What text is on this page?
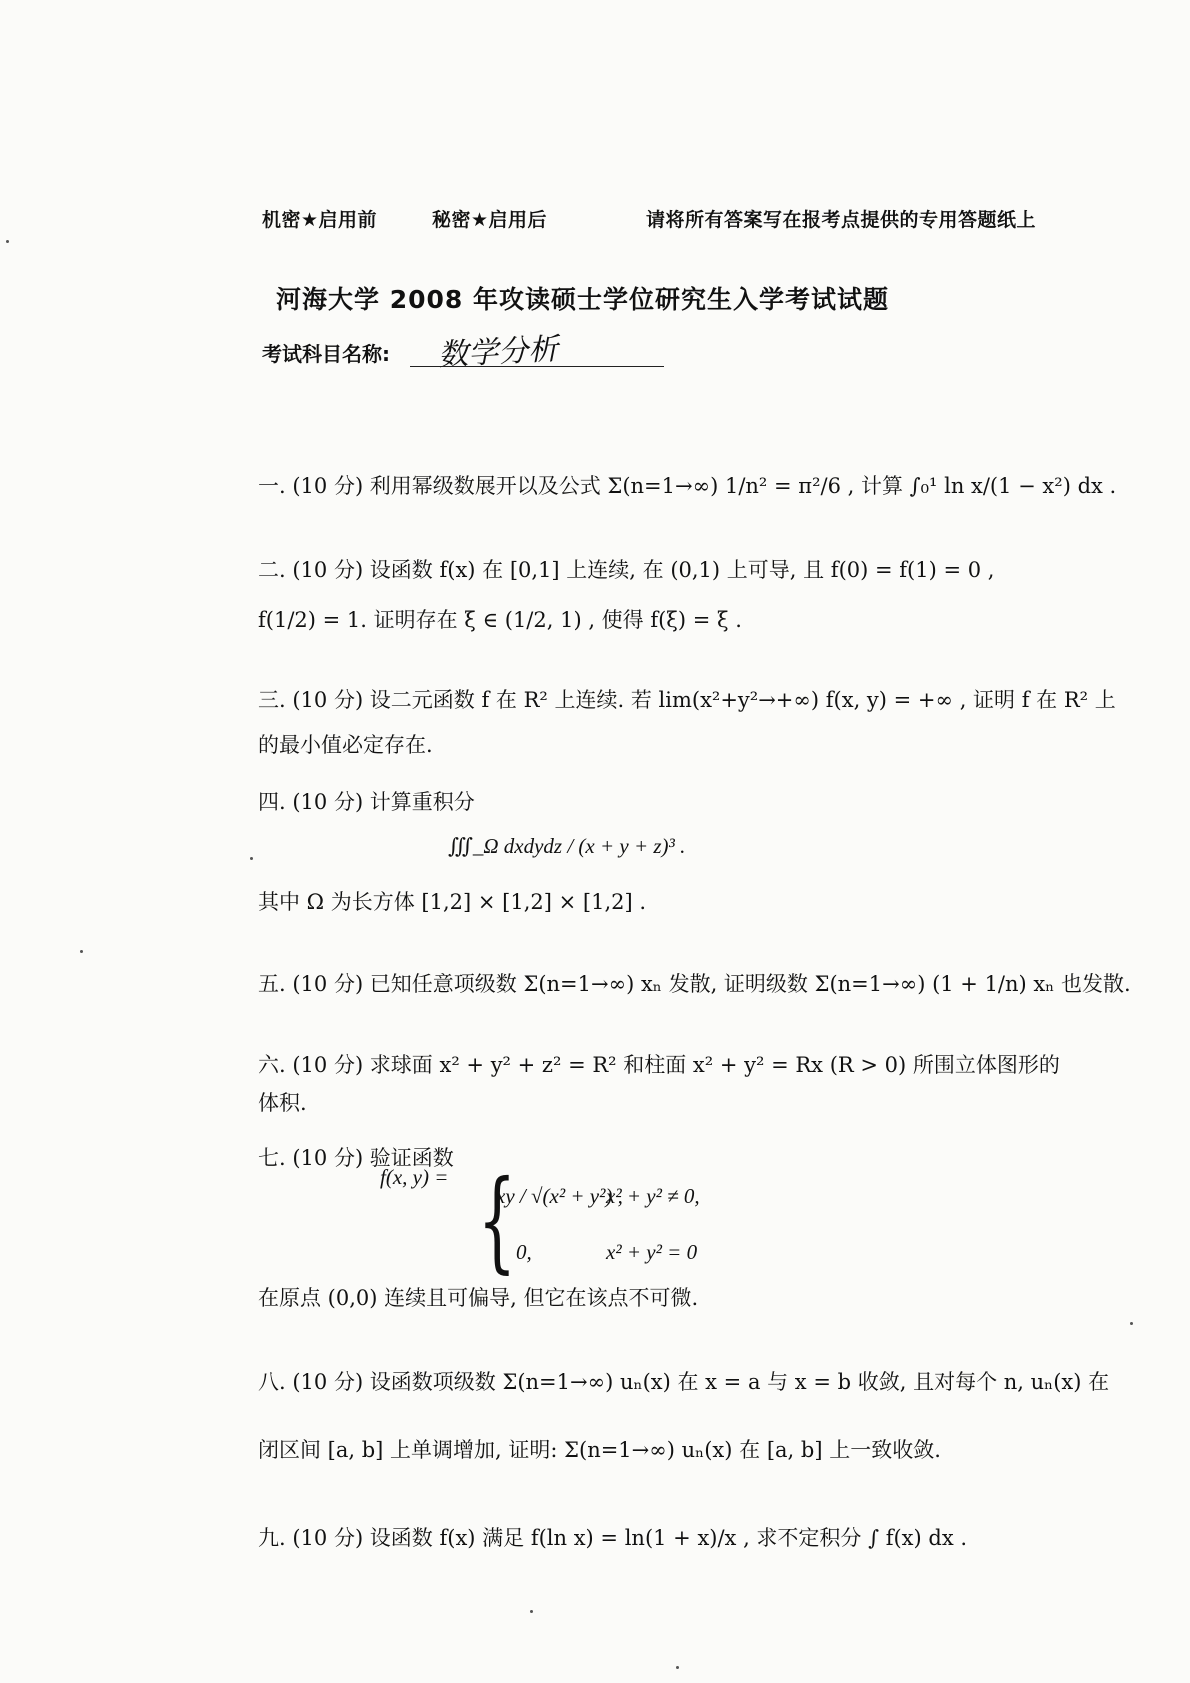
机密★启用前	秘密★启用后	请将所有答案写在报考点提供的专用答题纸上
河海大学 2008 年攻读硕士学位研究生入学考试试题
考试科目名称: 数学分析
一. (10 分) 利用幂级数展开以及公式 Σ(n=1→∞) 1/n² = π²/6 , 计算 ∫₀¹ ln x/(1 − x²) dx .
二. (10 分) 设函数 f(x) 在 [0,1] 上连续, 在 (0,1) 上可导, 且 f(0) = f(1) = 0 ,
f(1/2) = 1. 证明存在 ξ ∈ (1/2, 1) , 使得 f(ξ) = ξ .
三. (10 分) 设二元函数 f 在 R² 上连续. 若 lim(x²+y²→+∞) f(x, y) = +∞ , 证明 f 在 R² 上
的最小值必定存在.
四. (10 分) 计算重积分
∭_Ω dxdydz / (x + y + z)³ .
其中 Ω 为长方体 [1,2] × [1,2] × [1,2] .
五. (10 分) 已知任意项级数 Σ(n=1→∞) xₙ 发散, 证明级数 Σ(n=1→∞) (1 + 1/n) xₙ 也发散.
六. (10 分) 求球面 x² + y² + z² = R² 和柱面 x² + y² = Rx (R > 0) 所围立体图形的
体积.
七. (10 分) 验证函数
f(x, y) = {
xy / √(x² + y²) ,
x² + y² ≠ 0,
0,	x² + y² = 0
在原点 (0,0) 连续且可偏导, 但它在该点不可微.
八. (10 分) 设函数项级数 Σ(n=1→∞) uₙ(x) 在 x = a 与 x = b 收敛, 且对每个 n, uₙ(x) 在
闭区间 [a, b] 上单调增加, 证明: Σ(n=1→∞) uₙ(x) 在 [a, b] 上一致收敛.
九. (10 分) 设函数 f(x) 满足 f(ln x) = ln(1 + x)/x , 求不定积分 ∫ f(x) dx .
